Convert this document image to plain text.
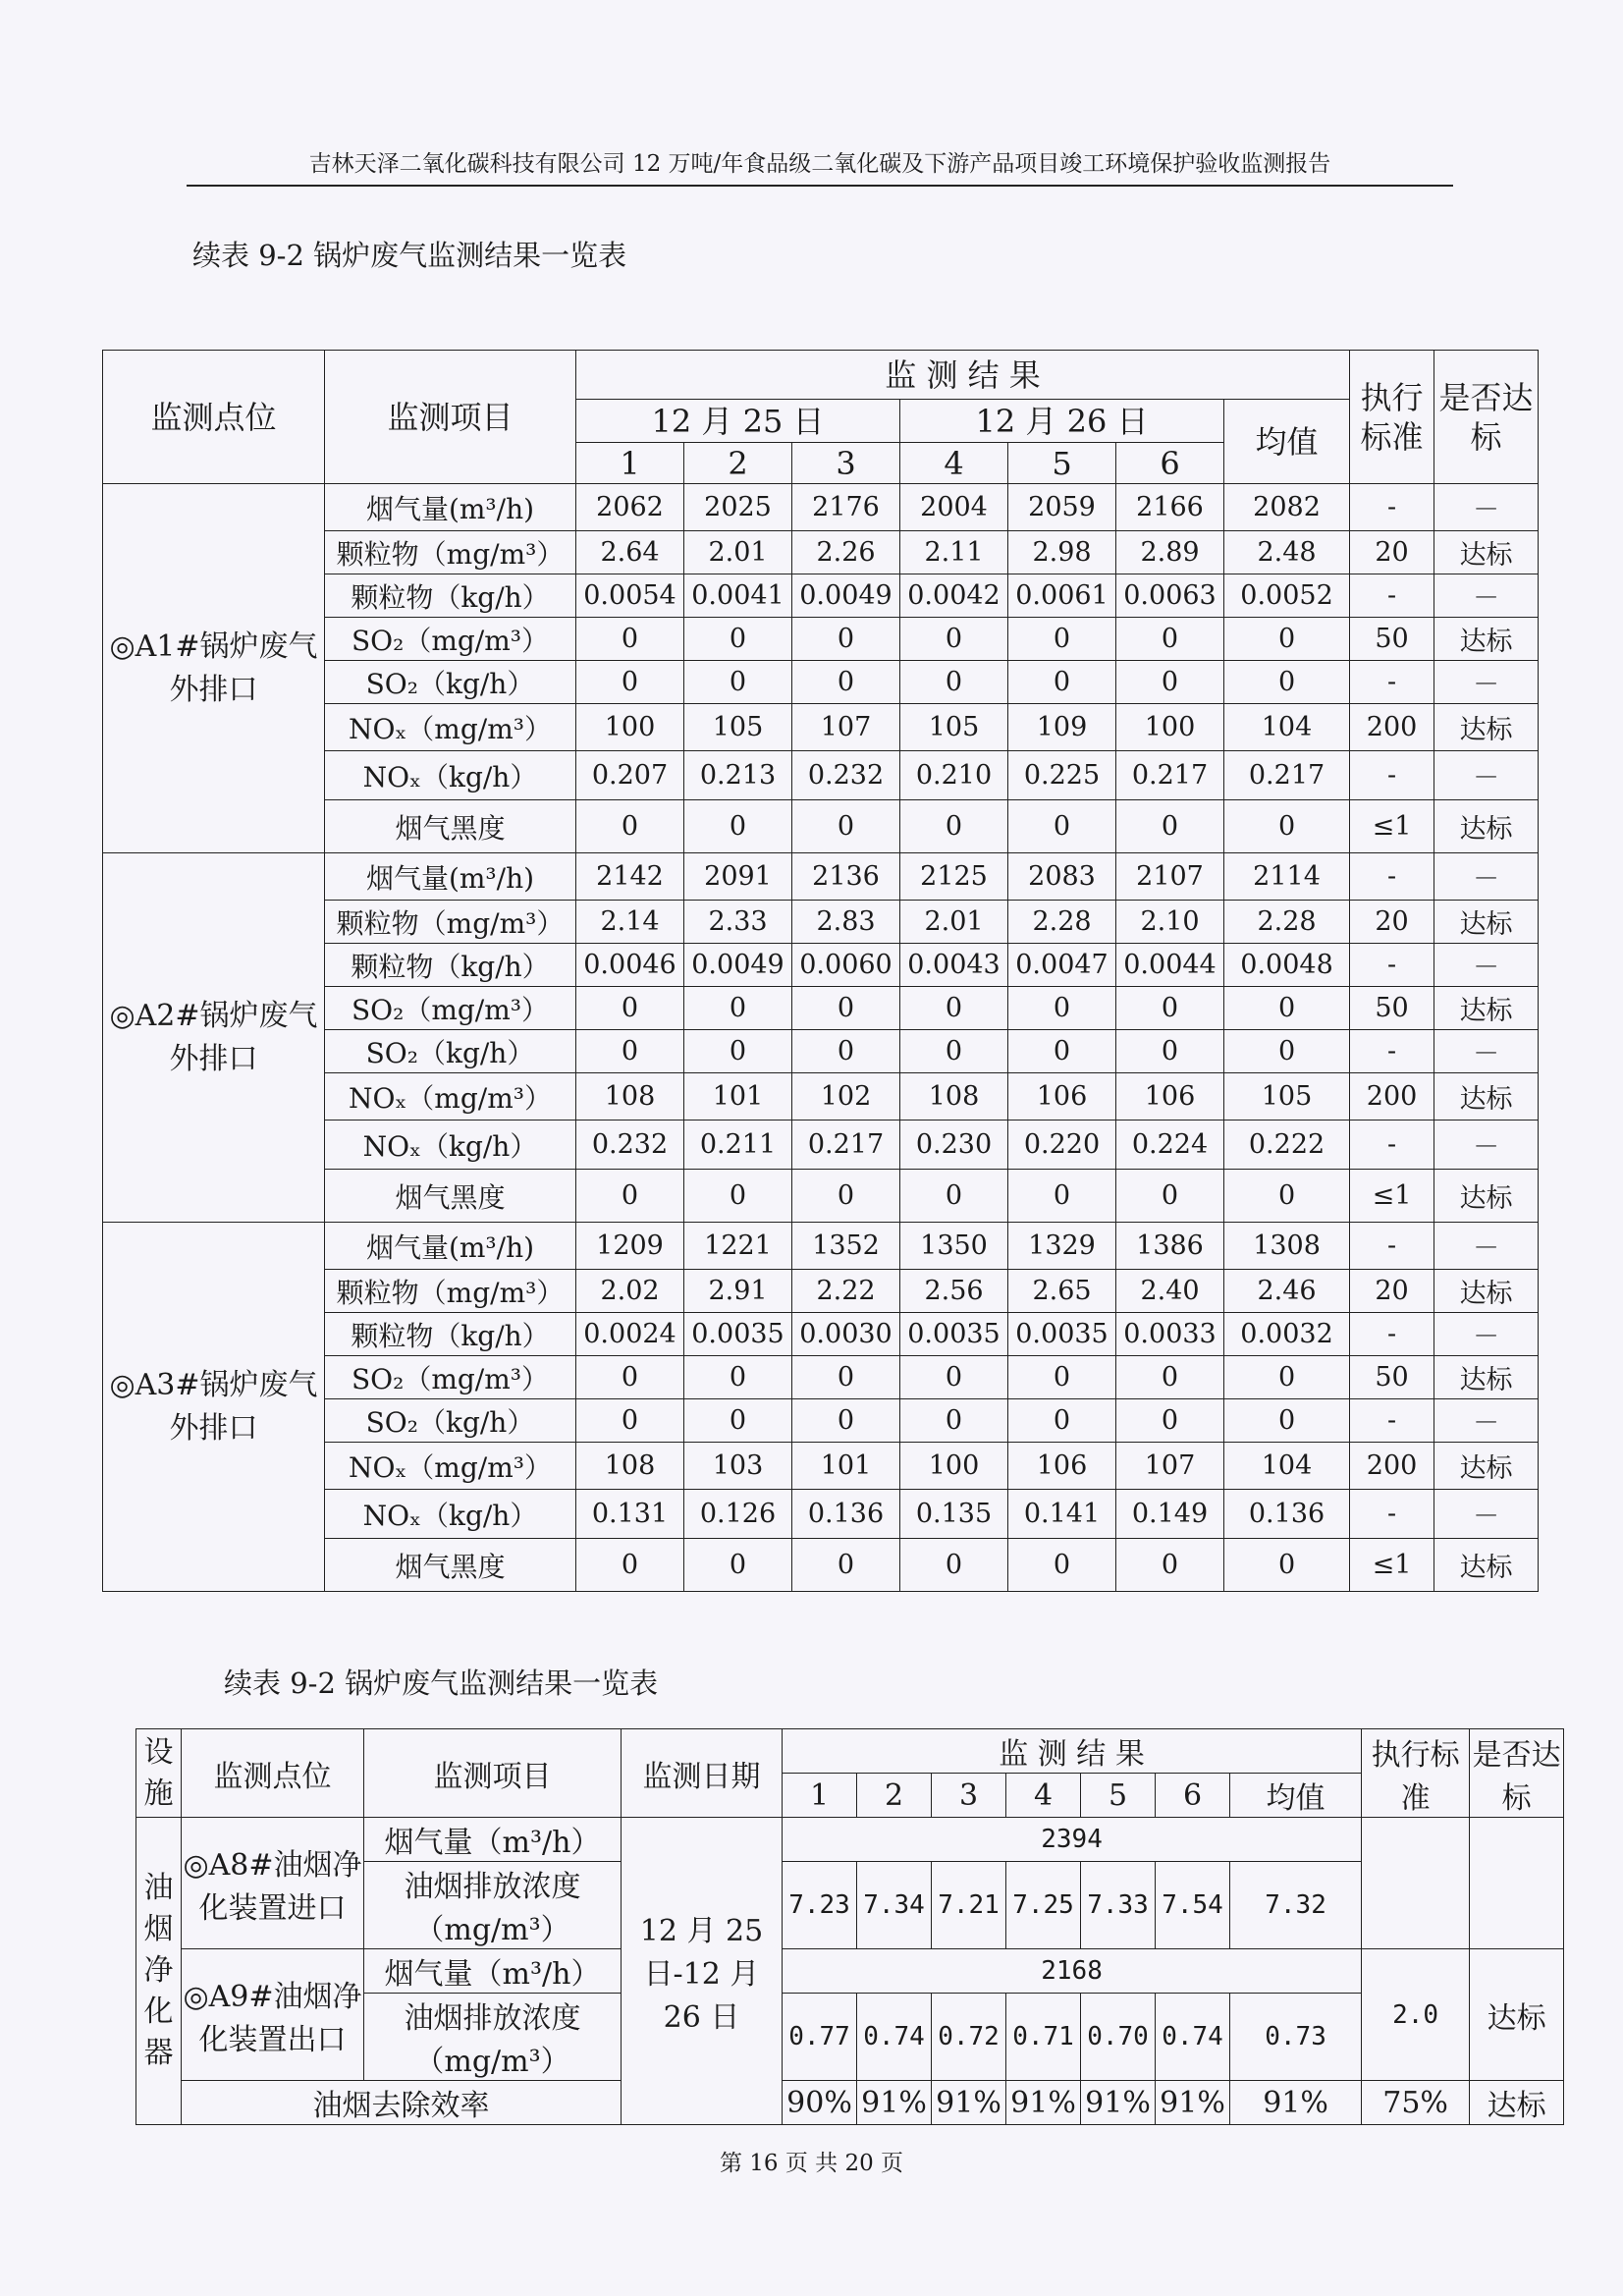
吉林天泽二氧化碳科技有限公司 12 万吨/年食品级二氧化碳及下游产品项目竣工环境保护验收监测报告
续表 9-2 锅炉废气监测结果一览表
监测点位	监测项目	监 测 结 果							执行标准	是否达标
		12 月 25 日			12 月 26 日			均值		
		1	2	3	4	5	6			
◎A1#锅炉废气外排口	烟气量(m³/h)	2062	2025	2176	2004	2059	2166	2082	-	－
	颗粒物（mg/m³）	2.64	2.01	2.26	2.11	2.98	2.89	2.48	20	达标
	颗粒物（kg/h）	0.0054	0.0041	0.0049	0.0042	0.0061	0.0063	0.0052	-	－
	SO₂（mg/m³）	0	0	0	0	0	0	0	50	达标
	SO₂（kg/h）	0	0	0	0	0	0	0	-	－
	NOₓ（mg/m³）	100	105	107	105	109	100	104	200	达标
	NOₓ（kg/h）	0.207	0.213	0.232	0.210	0.225	0.217	0.217	-	－
	烟气黑度	0	0	0	0	0	0	0	≤1	达标
◎A2#锅炉废气外排口	烟气量(m³/h)	2142	2091	2136	2125	2083	2107	2114	-	－
	颗粒物（mg/m³）	2.14	2.33	2.83	2.01	2.28	2.10	2.28	20	达标
	颗粒物（kg/h）	0.0046	0.0049	0.0060	0.0043	0.0047	0.0044	0.0048	-	－
	SO₂（mg/m³）	0	0	0	0	0	0	0	50	达标
	SO₂（kg/h）	0	0	0	0	0	0	0	-	－
	NOₓ（mg/m³）	108	101	102	108	106	106	105	200	达标
	NOₓ（kg/h）	0.232	0.211	0.217	0.230	0.220	0.224	0.222	-	－
	烟气黑度	0	0	0	0	0	0	0	≤1	达标
◎A3#锅炉废气外排口	烟气量(m³/h)	1209	1221	1352	1350	1329	1386	1308	-	－
	颗粒物（mg/m³）	2.02	2.91	2.22	2.56	2.65	2.40	2.46	20	达标
	颗粒物（kg/h）	0.0024	0.0035	0.0030	0.0035	0.0035	0.0033	0.0032	-	－
	SO₂（mg/m³）	0	0	0	0	0	0	0	50	达标
	SO₂（kg/h）	0	0	0	0	0	0	0	-	－
	NOₓ（mg/m³）	108	103	101	100	106	107	104	200	达标
	NOₓ（kg/h）	0.131	0.126	0.136	0.135	0.141	0.149	0.136	-	－
	烟气黑度	0	0	0	0	0	0	0	≤1	达标
续表 9-2 锅炉废气监测结果一览表
设施	监测点位	监测项目	监测日期	监 测 结 果							执行标准	是否达标
				1	2	3	4	5	6	均值		
油烟净化器	◎A8#油烟净化装置进口	烟气量（m³/h）	12 月 25 日-12 月 26 日	2394								
		油烟排放浓度（mg/m³）		7.23	7.34	7.21	7.25	7.33	7.54	7.32		
	◎A9#油烟净化装置出口	烟气量（m³/h）		2168							2.0	达标
		油烟排放浓度（mg/m³）		0.77	0.74	0.72	0.71	0.70	0.74	0.73		
	油烟去除效率			90%	91%	91%	91%	91%	91%	91%	75%	达标
第 16 页 共 20 页
